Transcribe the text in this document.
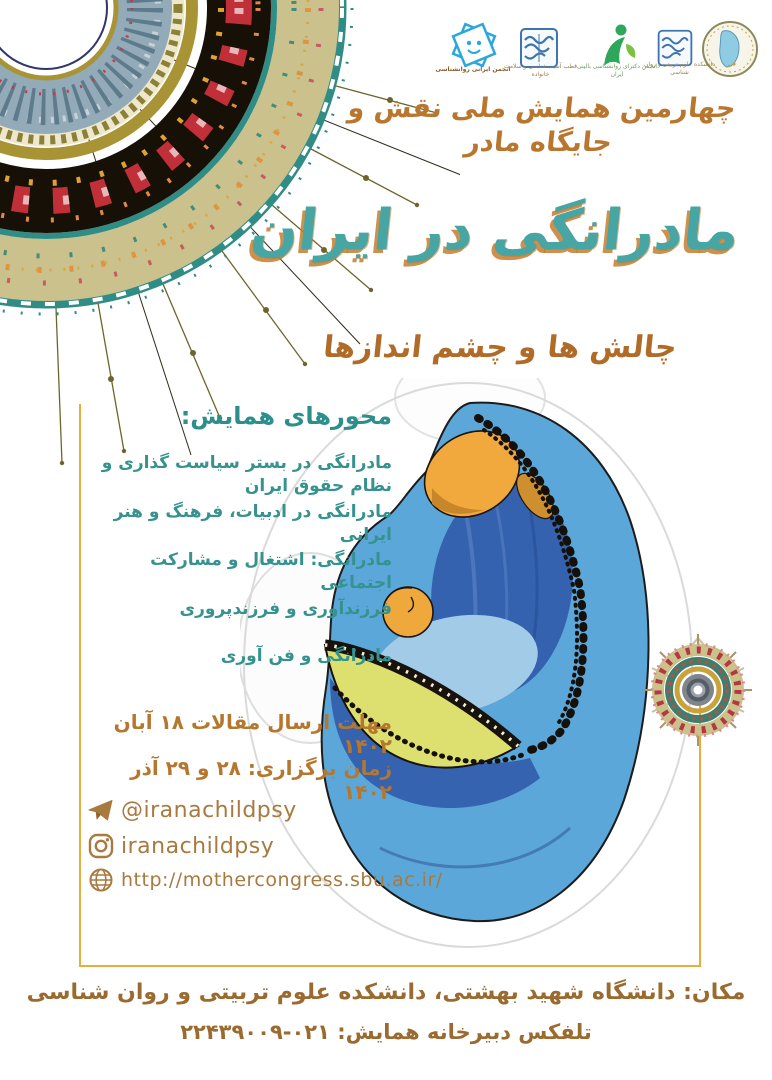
انجمن ایرانی روانشناسی
قطب آسیب‌شناسی و سلامت خانواده
انجمن دکترای روانشناسی بالینی ایران
دانشکده علوم تربیتی و روان شناسی
چهارمین همایش ملی نقش و جایگاه مادر
مادرانگی در ایران
چالش ها و چشم اندازها
محورهای همایش:
مادرانگی در بستر سیاست گذاری و نظام حقوق ایران
مادرانگی در ادبیات، فرهنگ و هنر ایرانی
مادرانگی: اشتغال و مشارکت اجتماعی
فرزندآوری و فرزندپروری
مادرانگی و فن آوری
مهلت ارسال مقالات ۱۸ آبان ۱۴۰۲
زمان برگزاری: ۲۸ و ۲۹ آذر ۱۴۰۲
@iranachildpsy
iranachildpsy
http://mothercongress.sbu.ac.ir/
مکان: دانشگاه شهید بهشتی، دانشکده علوم تربیتی و روان شناسی
تلفکس دبیرخانه همایش: ۰۲۱-۲۲۴۳۹۰۰۹
